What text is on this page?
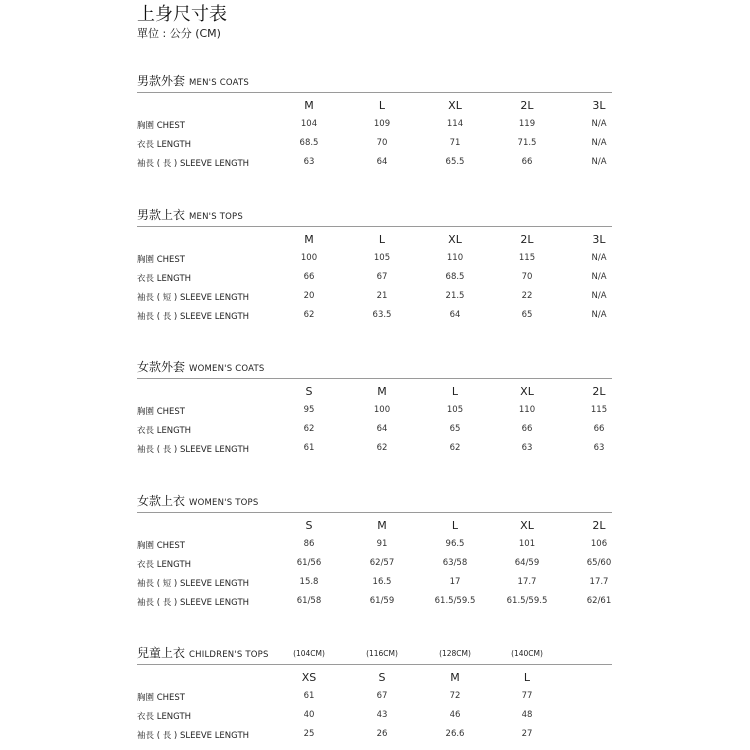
上身尺寸表
單位 : 公分 (CM)
男款外套 MEN'S COATS
M	L	XL	2L	3L
胸圍 CHEST	104	109	114	119	N/A
衣長 LENGTH	68.5	70	71	71.5	N/A
袖長 ( 長 ) SLEEVE LENGTH	63	64	65.5	66	N/A
男款上衣 MEN'S TOPS
M	L	XL	2L	3L
胸圍 CHEST	100	105	110	115	N/A
衣長 LENGTH	66	67	68.5	70	N/A
袖長 ( 短 ) SLEEVE LENGTH	20	21	21.5	22	N/A
袖長 ( 長 ) SLEEVE LENGTH	62	63.5	64	65	N/A
女款外套 WOMEN'S COATS
S	M	L	XL	2L
胸圍 CHEST	95	100	105	110	115
衣長 LENGTH	62	64	65	66	66
袖長 ( 長 ) SLEEVE LENGTH	61	62	62	63	63
女款上衣 WOMEN'S TOPS
S	M	L	XL	2L
胸圍 CHEST	86	91	96.5	101	106
衣長 LENGTH	61/56	62/57	63/58	64/59	65/60
袖長 ( 短 ) SLEEVE LENGTH	15.8	16.5	17	17.7	17.7
袖長 ( 長 ) SLEEVE LENGTH	61/58	61/59	61.5/59.5	61.5/59.5	62/61
兒童上衣 CHILDREN'S TOPS	(104CM)	(116CM)	(128CM)	(140CM)
XS	S	M	L
胸圍 CHEST	61	67	72	77
衣長 LENGTH	40	43	46	48
袖長 ( 長 ) SLEEVE LENGTH	25	26	26.6	27
